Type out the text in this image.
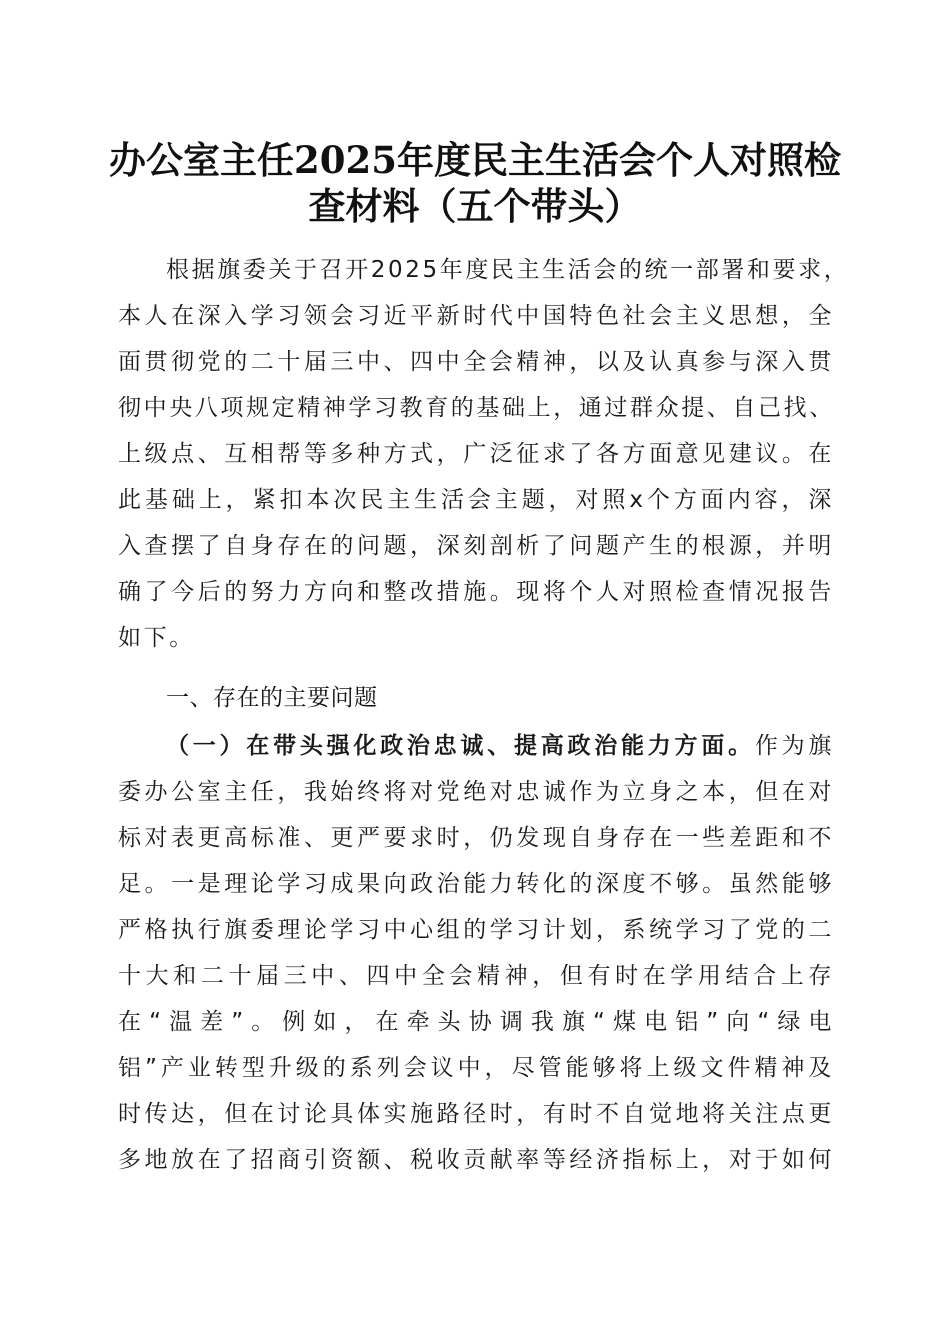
办公室主任2025年度民主生活会个人对照检
查材料（五个带头）
根据旗委关于召开2025年度民主生活会的统一部署和要求，
本人在深入学习领会习近平新时代中国特色社会主义思想，全
面贯彻党的二十届三中、四中全会精神，以及认真参与深入贯
彻中央八项规定精神学习教育的基础上，通过群众提、自己找、
上级点、互相帮等多种方式，广泛征求了各方面意见建议。在
此基础上，紧扣本次民主生活会主题，对照x个方面内容，深
入查摆了自身存在的问题，深刻剖析了问题产生的根源，并明
确了今后的努力方向和整改措施。现将个人对照检查情况报告
如下。
一、存在的主要问题
（一）在带头强化政治忠诚、提高政治能力方面。作为旗
委办公室主任，我始终将对党绝对忠诚作为立身之本，但在对
标对表更高标准、更严要求时，仍发现自身存在一些差距和不
足。一是理论学习成果向政治能力转化的深度不够。虽然能够
严格执行旗委理论学习中心组的学习计划，系统学习了党的二
十大和二十届三中、四中全会精神，但有时在学用结合上存
在“温差”。例如，在牵头协调我旗“煤电铝”向“绿电
铝”产业转型升级的系列会议中，尽管能够将上级文件精神及
时传达，但在讨论具体实施路径时，有时不自觉地将关注点更
多地放在了招商引资额、税收贡献率等经济指标上，对于如何
